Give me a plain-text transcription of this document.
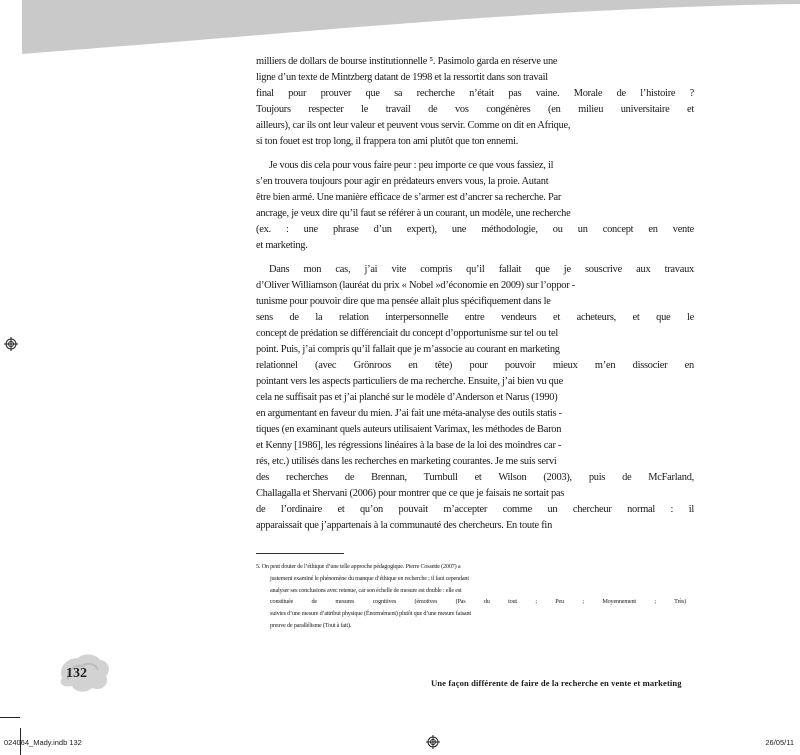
milliers de dollars de bourse institutionnelle ⁵. Pasimolo garda en réserve une
ligne d’un texte de Mintzberg datant de 1998 et la ressortit dans son travail
final pour prouver que sa recherche n’était pas vaine. Morale de l’histoire ?
Toujours respecter le travail de vos congénères (en milieu universitaire et
ailleurs), car ils ont leur valeur et peuvent vous servir. Comme on dit en Afrique,
si ton fouet est trop long, il frappera ton ami plutôt que ton ennemi.

Je vous dis cela pour vous faire peur : peu importe ce que vous fassiez, il
s’en trouvera toujours pour agir en prédateurs envers vous, la proie. Autant
être bien armé. Une manière efficace de s’armer est d’ancrer sa recherche. Par
ancrage, je veux dire qu’il faut se référer à un courant, un modèle, une recherche
(ex. : une phrase d’un expert), une méthodologie, ou un concept en vente
et marketing.

Dans mon cas, j’ai vite compris qu’il fallait que je souscrive aux travaux
d’Oliver Williamson (lauréat du prix « Nobel »d’économie en 2009) sur l’oppor -
tunisme pour pouvoir dire que ma pensée allait plus spécifiquement dans le
sens de la relation interpersonnelle entre vendeurs et acheteurs, et que le
concept de prédation se différenciait du concept d’opportunisme sur tel ou tel
point. Puis, j’ai compris qu’il fallait que je m’associe au courant en marketing
relationnel (avec Grönroos en tête) pour pouvoir mieux m’en dissocier en
pointant vers les aspects particuliers de ma recherche. Ensuite, j’ai bien vu que
cela ne suffisait pas et j’ai planché sur le modèle d’Anderson et Narus (1990)
en argumentant en faveur du mien. J’ai fait une méta-analyse des outils statis -
tiques (en examinant quels auteurs utilisaient Varimax, les méthodes de Baron
et Kenny [1986], les régressions linéaires à la base de la loi des moindres car -
rés, etc.) utilisés dans les recherches en marketing courantes. Je me suis servi
des recherches de Brennan, Turnbull et Wilson (2003), puis de McFarland,
Challagalla et Shervani (2006) pour montrer que ce que je faisais ne sortait pas
de l’ordinaire et qu’on pouvait m’accepter comme un chercheur normal : il
apparaissait que j’appartenais à la communauté des chercheurs. En toute fin

5. On peut douter de l’éthique d’une telle approche pédagogique. Pierre Cossette (2007) a
justement examiné le phénomène du manque d’éthique en recherche ; il faut cependant
analyser ses conclusions avec retenue, car son échelle de mesure est double : elle est
constituée de mesures cognitives (émotives (Pas du tout ; Peu ; Moyennement ; Très)
suivies d’une mesure d’attribut physique (Énormément) plutôt que d’une mesure faisant
preuve de parallélisme (Tout à fait).
132
Une façon différente de faire de la recherche en vente et marketing
024064_Mady.indb 132	26/05/11
